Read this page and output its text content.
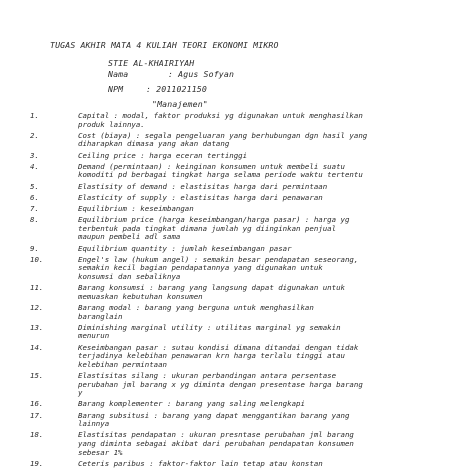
TUGAS AKHIR MATA 4 KULIAH TEORI EKONOMI MIKRO
STIE AL-KHAIRIYAH
Nama	: Agus Sofyan
NPM	: 2011021150
"Manajemen"
1.	Capital : modal, faktor produksi yg digunakan untuk menghasilkan
produk lainnya.
2.	Cost (biaya) : segala pengeluaran yang berhubungan dgn hasil yang
diharapkan dimasa yang akan datang
3.	Ceiling price : harga eceran tertinggi
4.	Demand (permintaan) : keinginan konsumen untuk membeli suatu
komoditi pd berbagai tingkat harga selama periode waktu tertentu
5.	Elastisity of demand : elastisitas harga dari permintaan
6.	Elasticity of supply : elastisitas harga dari penawaran
7.	Equilibrium : keseimbangan
8.	Equilibrium price (harga keseimbangan/harga pasar) : harga yg
terbentuk pada tingkat dimana jumlah yg diinginkan penjual
maupun pembeli adl sama
9.	Equilibrium quantity : jumlah keseimbangan pasar
10.	Engel's law (hukum angel) : semakin besar pendapatan seseorang,
semakin kecil bagian pendapatannya yang digunakan untuk
konsumsi dan sebaliknya
11.	Barang konsumsi : barang yang langsung dapat digunakan untuk
memuaskan kebutuhan konsumen
12.	Barang modal : barang yang berguna untuk menghasilkan
baranglain
13.	Diminishing marginal utility : utilitas marginal yg semakin
menurun
14.	Keseimbangan pasar : sutau kondisi dimana ditandai dengan tidak
terjadinya kelebihan penawaran krn harga terlalu tinggi atau
kelebihan permintaan
15.	Elastisitas silang : ukuran perbandingan antara persentase
perubahan jml barang x yg diminta dengan presentase harga barang
y
16.	Barang komplementer : barang yang saling melengkapi
17.	Barang subsitusi : barang yang dapat menggantikan barang yang
lainnya
18.	Elastisitas pendapatan : ukuran presntase perubahan jml barang
yang diminta sebagai akibat dari perubahan pendapatan konsumen
sebesar 1%
19.	Ceteris paribus : faktor-faktor lain tetap atau konstan
